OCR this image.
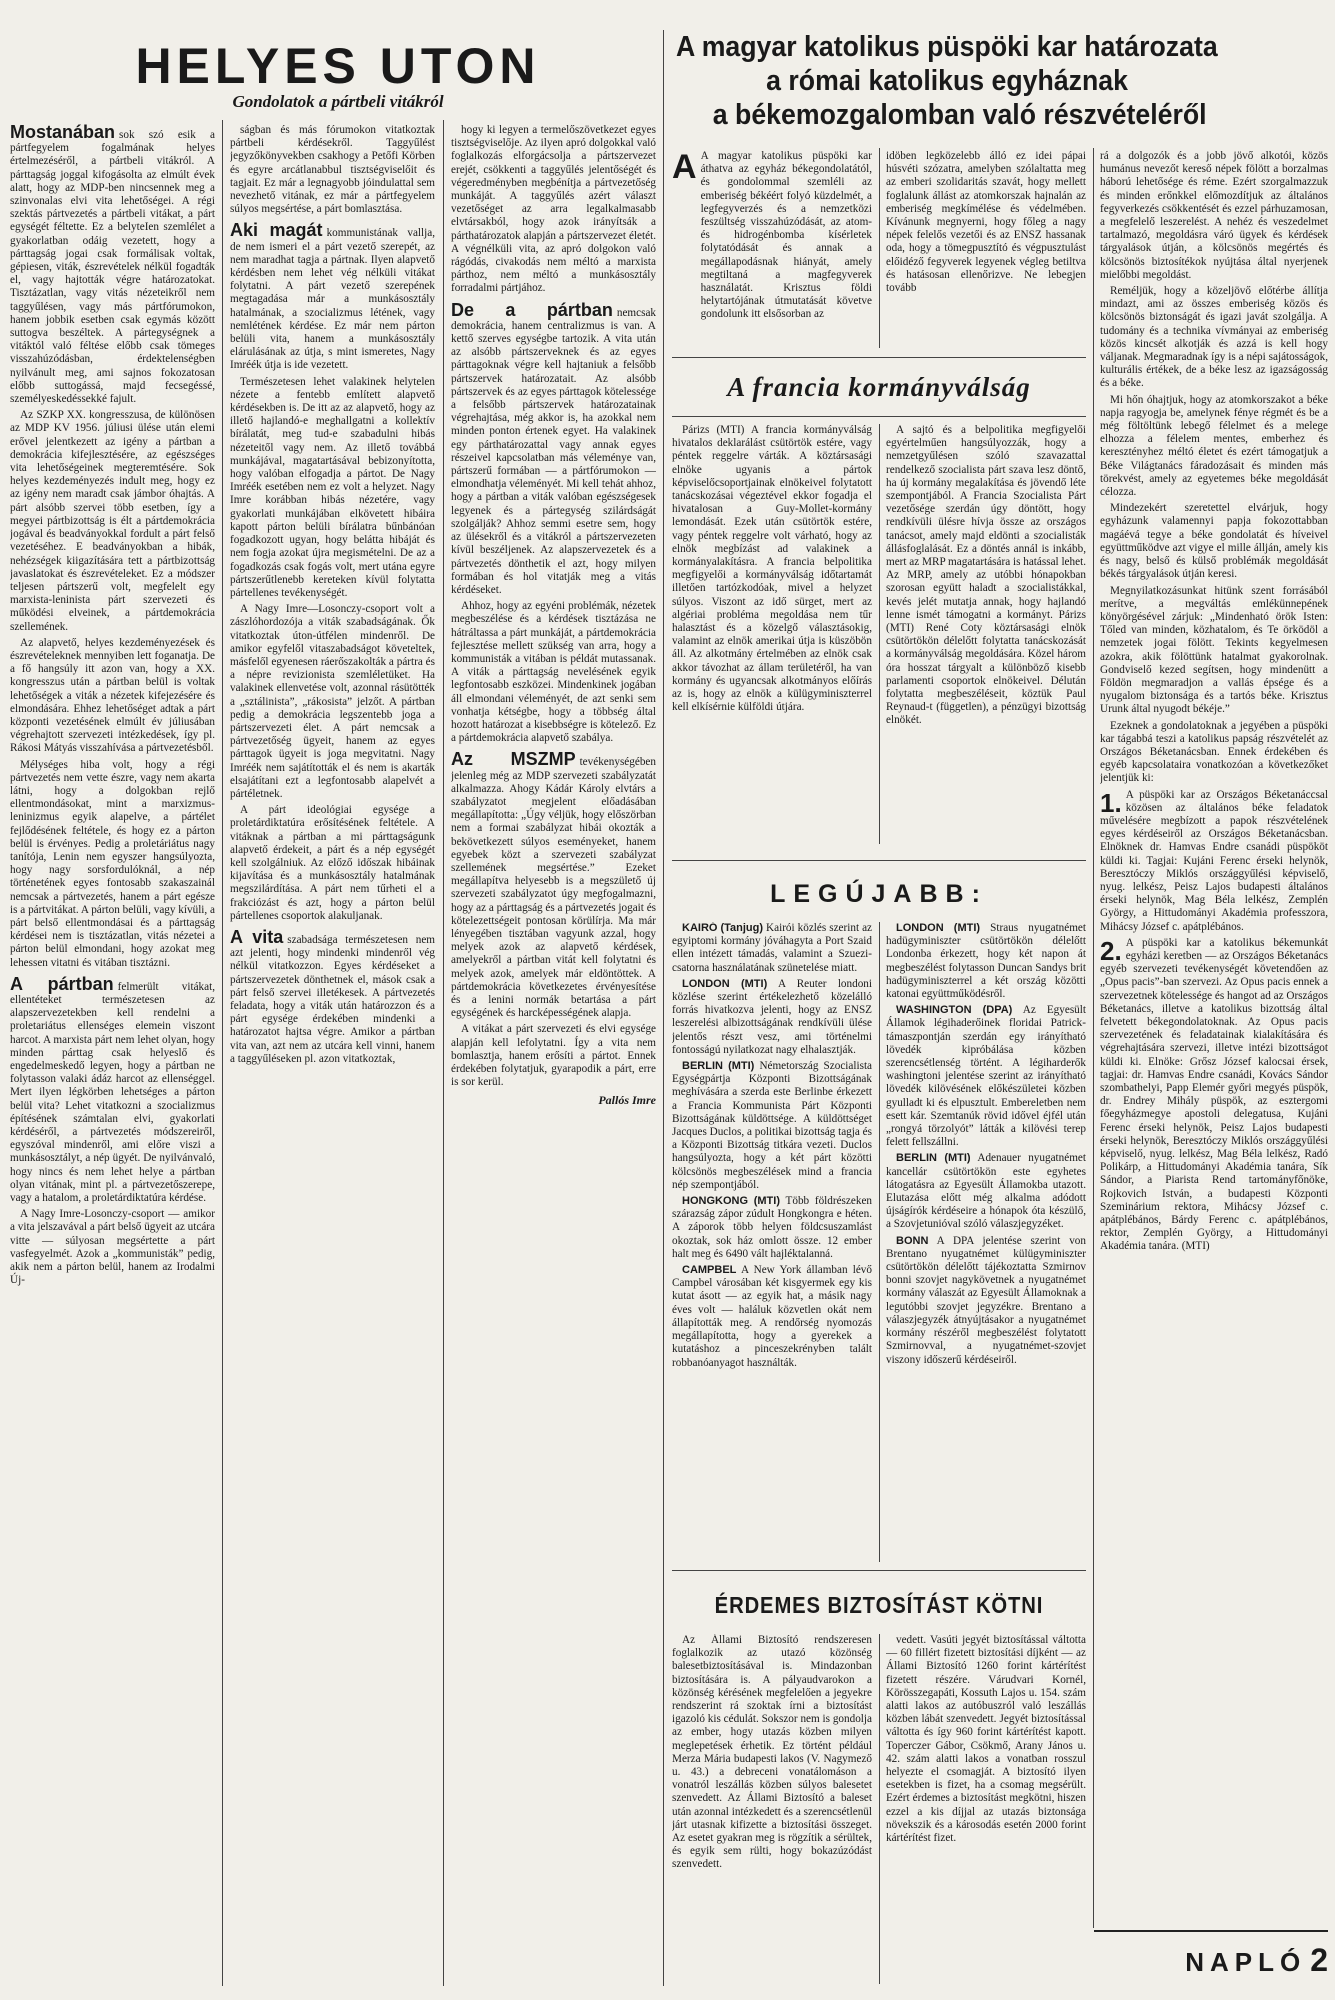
HELYES UTON
Gondolatok a pártbeli vitákról

Mostanában sok szó esik a pártfegyelem fogalmának helyes értelmezéséről, a pártbeli vitákról. A párttagság joggal kifogásolta az elmúlt évek alatt, hogy az MDP-ben nincsennek meg a szinvonalas elvi vita lehetőségei. A régi szektás pártvezetés a pártbeli vitákat, a párt egységét féltette. Ez a belyteIen szemlélet a gyakorlatban odáig vezetett, hogy a párttagság jogai csak formálisak voltak, gépiesen, viták, észrevételek nélkül fogadták el, vagy hajtották végre határozatokat. Tisztázatlan, vagy vitás nézeteikről nem taggyűlésen, vagy más pártfórumokon, hanem jobbik esetben csak egymás között suttogva beszéltek. A pártegységnek a vitáktól való féltése előbb csak tömeges visszahúzódásban, érdektelenségben nyilvánult meg, ami sajnos fokozatosan előbb suttogássá, majd fecsegéssé, személyeskedéssekké fajult.

Az SZKP XX. kongresszusa, de különösen az MDP KV 1956. júliusi ülése után elemi erővel jelentkezett az igény a pártban a demokrácia kifejlesztésére, az egészséges vita lehetőségeinek megteremtésére. Sok helyes kezdeményezés indult meg, hogy ez az igény nem maradt csak jámbor óhajtás. A párt alsóbb szervei több esetben, így a megyei pártbizottság is élt a pártdemokrácia jogával és beadványokkal fordult a párt felső vezetéséhez. E beadványokban a hibák, nehézségek kiigazítására tett a pártbizottság javaslatokat és észrevételeket. Ez a módszer teljesen pártszerű volt, megfelelt egy marxista-leninista párt szervezeti és működési elveinek, a pártdemokrácia szellemének.

Az alapvető, helyes kezdeményezések és észrevételeknek mennyiben lett foganatja. De a fő hangsúly itt azon van, hogy a XX. kongresszus után a pártban belül is voltak lehetőségek a viták a nézetek kifejezésére és elmondására. Ehhez lehetőséget adtak a párt központi vezetésének elmúlt év júliusában végrehajtott szervezeti intézkedések, így pl. Rákosi Mátyás visszahívása a pártvezetésből.

Mélységes hiba volt, hogy a régi pártvezetés nem vette észre, vagy nem akarta látni, hogy a dolgokban rejlő ellentmondásokat, mint a marxizmus-leninizmus egyik alapelve, a pártélet fejlődésének feltétele, és hogy ez a párton belül is érvényes. Pedig a proletáriátus nagy tanítója, Lenin nem egyszer hangsúlyozta, hogy nagy sorsfordulóknál, a nép történetének egyes fontosabb szakaszainál nemcsak a pártvezetés, hanem a párt egésze is a pártvitákat. A párton belüli, vagy kívüli, a párt belső ellentmondásai és a párttagság kérdései nem is tisztázatlan, vitás nézetei a párton belül elmondani, hogy azokat meg lehessen vitatni és vitában tisztázni.

A pártban felmerült vitákat, ellentéteket természetesen az alapszervezetekben kell rendelni a proletariátus ellenséges elemein viszont harcot. A marxista párt nem lehet olyan, hogy minden párttag csak helyeslő és engedelmeskedő legyen, hogy a pártban ne folytasson valaki ádáz harcot az ellenséggel. Mert ilyen légkörben lehetséges a párton belül vita? Lehet vitatkozni a szocializmus építésének számtalan elvi, gyakorlati kérdéséről, a pártvezetés módszereiről, egyszóval mindenről, ami előre viszi a munkásosztályt, a nép ügyét. De nyilvánvaló, hogy nincs és nem lehet helye a pártban olyan vitának, mint pl. a pártvezetőszerepe, vagy a hatalom, a proletárdiktatúra kérdése.

A Nagy Imre-Losonczy-csoport — amikor a vita jelszavával a párt belső ügyeit az utcára vitte — súlyosan megsértette a párt vasfegyelmét. Azok a „kommunisták” pedig, akik nem a párton belül, hanem az Irodalmi Új-

ságban és más fórumokon vitatkoztak pártbeli kérdésekről. Taggyűlést jegyzőkönyvekben csakhogy a Petőfi Körben és egyre arcátlanabbul tisztségviselőit és tagjait. Ez már a legnagyobb jóindulattal sem nevezhető vitának, ez már a pártfegyelem súlyos megsértése, a párt bomlasztása.

Aki magát kommunistának vallja, de nem ismeri el a párt vezető szerepét, az nem maradhat tagja a pártnak. Ilyen alapvető kérdésben nem lehet vég nélküli vitákat folytatni. A párt vezető szerepének megtagadása már a munkásosztály hatalmának, a szocializmus létének, vagy nemlétének kérdése. Ez már nem párton belüli vita, hanem a munkásosztály elárulásának az útja, s mint ismeretes, Nagy Imréék útja is ide vezetett.

Természetesen lehet valakinek helytelen nézete a fentebb említett alapvető kérdésekben is. De itt az az alapvető, hogy az illető hajlandó-e meghallgatni a kollektív bírálatát, meg tud-e szabadulni hibás nézeteitől vagy nem. Az illető továbbá munkájával, magatartásával bebizonyította, hogy valóban elfogadja a pártot. De Nagy Imréék esetében nem ez volt a helyzet. Nagy Imre korábban hibás nézetére, vagy gyakorlati munkájában elkövetett hibáira kapott párton belüli bírálatra bűnbánóan fogadkozott ugyan, hogy belátta hibáját és nem fogja azokat újra megismételni. De az a fogadkozás csak fogás volt, mert utána egyre pártszerűtlenebb kereteken kívül folytatta pártellenes tevékenységét.

A Nagy Imre—Losonczy-csoport volt a zászlóhordozója a viták szabadságának. Ők vitatkoztak úton-útfélen mindenről. De amikor egyfelől vitaszabadságot követeltek, másfelől egyenesen ráerőszakolták a pártra és a népre revizionista szemléletüket. Ha valakinek ellenvetése volt, azonnal rásütötték a „sztálinista”, „rákosista” jelzőt. A pártban pedig a demokrácia legszentebb joga a pártszervezeti élet. A párt nemcsak a pártvezetőség ügyeit, hanem az egyes párttagok ügyeit is joga megvitatni. Nagy Imréék nem sajátították el és nem is akarták elsajátítani ezt a legfontosabb alapelvét a pártéletnek.

A párt ideológiai egysége a proletárdiktatúra erősítésének feltétele. A vitáknak a pártban a mi párttagságunk alapvető érdekeit, a párt és a nép egységét kell szolgálniuk. Az előző időszak hibáinak kijavítása és a munkásosztály hatalmának megszilárdítása. A párt nem tűrheti el a frakciózást és azt, hogy a párton belül pártellenes csoportok alakuljanak.

A vita szabadsága természetesen nem azt jelenti, hogy mindenki mindenről vég nélkül vitatkozzon. Egyes kérdéseket a pártszervezetek dönthetnek el, mások csak a párt felső szervei illetékesek. A pártvezetés feladata, hogy a viták után határozzon és a párt egysége érdekében mindenki a határozatot hajtsa végre. Amikor a pártban vita van, azt nem az utcára kell vinni, hanem a taggyűléseken pl. azon vitatkoztak,

hogy ki legyen a termelőszövetkezet egyes tisztségviselője. Az ilyen apró dolgokkal való foglalkozás elforgácsolja a pártszervezet erejét, csökkenti a taggyűlés jelentőségét és végeredményben megbénítja a pártvezetőség munkáját. A taggyűlés azért választ vezetőséget az arra legalkalmasabb elvtársakból, hogy azok irányítsák a párthatározatok alapján a pártszervezet életét. A végnélküli vita, az apró dolgokon való rágódás, civakodás nem méltó a marxista párthoz, nem méltó a munkásosztály forradalmi pártjához.

De a pártban nemcsak demokrácia, hanem centralizmus is van. A kettő szerves egységbe tartozik. A vita után az alsóbb pártszerveknek és az egyes párttagoknak végre kell hajtaniuk a felsőbb pártszervek határozatait. Az alsóbb pártszervek és az egyes párttagok kötelessége a felsőbb pártszervek határozatainak végrehajtása, még akkor is, ha azokkal nem minden ponton értenek egyet. Ha valakinek egy párthatározattal vagy annak egyes részeivel kapcsolatban más véleménye van, pártszerű formában — a pártfórumokon — elmondhatja véleményét. Mi kell tehát ahhoz, hogy a pártban a viták valóban egészségesek legyenek és a pártegység szilárdságát szolgálják? Ahhoz semmi esetre sem, hogy az ülésekről és a vitákról a pártszervezeten kívül beszéljenek. Az alapszervezetek és a pártvezetés dönthetik el azt, hogy milyen formában és hol vitatják meg a vitás kérdéseket.

Ahhoz, hogy az egyéni problémák, nézetek megbeszélése és a kérdések tisztázása ne hátráltassa a párt munkáját, a pártdemokrácia fejlesztése mellett szükség van arra, hogy a kommunisták a vitában is példát mutassanak. A viták a párttagság nevelésének egyik legfontosabb eszközei. Mindenkinek jogában áll elmondani véleményét, de azt senki sem vonhatja kétségbe, hogy a többség által hozott határozat a kisebbségre is kötelező. Ez a pártdemokrácia alapvető szabálya.

Az MSZMP tevékenységében jelenleg még az MDP szervezeti szabályzatát alkalmazza. Ahogy Kádár Károly elvtárs a szabályzatot megjelent előadásában megállapította: „Úgy véljük, hogy előszörban nem a formai szabályzat hibái okozták a bekövetkezett súlyos eseményeket, hanem egyebek közt a szervezeti szabályzat szellemének megsértése.” Ezeket megállapítva helyesebb is a megszülető új szervezeti szabályzatot úgy megfogalmazni, hogy az a párttagság és a pártvezetés jogait és kötelezettségeit pontosan körülírja. Ma már lényegében tisztában vagyunk azzal, hogy melyek azok az alapvető kérdések, amelyekről a pártban vitát kell folytatni és melyek azok, amelyek már eldöntöttek. A pártdemokrácia következetes érvényesítése és a lenini normák betartása a párt egységének és harcképességének alapja.

A vitákat a párt szervezeti és elvi egysége alapján kell lefolytatni. Így a vita nem bomlasztja, hanem erősíti a pártot. Ennek érdekében folytatjuk, gyarapodik a párt, erre is sor kerül.

Pallós Imre
A magyar katolikus püspöki kar határozata
a római katolikus egyháznak
a békemozgalomban való részvételéről
A A magyar katolikus püspöki kar áthatva az egyház békegondolatától, és gondolommal szemléli az emberiség békéért folyó küzdelmét, a legfegyverzés és a nemzetközi feszültség visszahúzódását, az atom- és hidrogénbomba kísérletek folytatódását és annak a megállapodásnak hiányát, amely megtiltaná a magfegyverek használatát. Krisztus földi helytartójának útmutatását követve gondolunk itt elsősorban az

idöben legközelebb álló ez idei pápai húsvéti szózatra, amelyben szólaltatta meg az emberi szolidaritás szavát, hogy mellett foglalunk állást az atomkorszak hajnalán az emberiség megkímélése és védelmében. Kívánunk megnyerni, hogy főleg a nagy népek felelős vezetői és az ENSZ hassanak oda, hogy a tömegpusztító és végpusztulást előidéző fegyverek legyenek végleg betiltva és hatásosan ellenőrizve. Ne lebegjen tovább

rá a dolgozók és a jobb jövő alkotói, közös humánus nevezőt kereső népek fölött a borzalmas háború lehetősége és réme. Ezért szorgalmazzuk és minden erőnkkel előmozdítjuk az általános fegyverkezés csökkentését és ezzel párhuzamosan, a megfelelő leszerelést. A nehéz és veszedelmet tartalmazó, megoldásra váró ügyek és kérdések tárgyalások útján, a kölcsönös megértés és kölcsönös biztosítékok nyújtása által nyerjenek mielőbbi megoldást.

Reméljük, hogy a közeljövő előtérbe állítja mindazt, ami az összes emberiség közös és kölcsönös biztonságát és igazi javát szolgálja. A tudomány és a technika vívmányai az emberiség közös kincsét alkotják és azzá is kell hogy váljanak. Megmaradnak így is a népi sajátosságok, kulturális értékek, de a béke lesz az igazságosság és a béke.

Mi hőn óhajtjuk, hogy az atomkorszakot a béke napja ragyogja be, amelynek fénye régmét és be a még föltöltünk lebegő félelmet és a melege elhozza a félelem mentes, emberhez és keresztényhez méltó életet és ezért támogatjuk a Béke Világtanács fáradozásait és minden más törekvést, amely az egyetemes béke megoldását célozza.

Mindezekért szeretettel elvárjuk, hogy egyházunk valamennyi papja fokozottabban magáévá tegye a béke gondolatát és híveivel együttműködve azt vigye el mille állján, amely kis és nagy, belső és külső problémák megoldását békés tárgyalások útján keresi.

Megnyilatkozásunkat hitünk szent forrásából merítve, a megváltás emlékünnepének könyörgésével zárjuk: „Mindenható örök Isten: Tőled van minden, közhatalom, és Te örködöl a nemzetek jogai fölött. Tekints kegyelmesen azokra, akik fölöttünk hatalmat gyakorolnak. Gondviselő kezed segítsen, hogy mindenütt a Földön megmaradjon a vallás épsége és a nyugalom biztonsága és a tartós béke. Krisztus Urunk által nyugodt békéje.”

Ezeknek a gondolatoknak a jegyében a püspöki kar tágabbá teszi a katolikus papság részvételét az Országos Béketanácsban. Ennek érdekében és egyéb kapcsolataira vonatkozóan a következőket jelentjük ki:

1. A püspöki kar az Országos Béketanáccsal közösen az általános béke feladatok művelésére megbízott a papok részvételének egyes kérdéseiről az Országos Béketanácsban. Elnöknek dr. Hamvas Endre csanádi püspököt küldi ki. Tagjai: Kujáni Ferenc érseki helynök, Beresztóczy Miklós országgyűlési képviselő, nyug. lelkész, Peisz Lajos budapesti általános érseki helynök, Mag Béla lelkész, Zemplén György, a Hittudományi Akadémia professzora, Mihácsy József c. apátplébános.

2. A püspöki kar a katolikus békemunkát egyházi keretben — az Országos Béketanács egyéb szervezeti tevékenységét követendően az „Opus pacis”-ban szervezi. Az Opus pacis ennek a szervezetnek kötelessége és hangot ad az Országos Béketanács, illetve a katolikus bizottság által felvetett békegondolatoknak. Az Opus pacis szervezetének és feladatainak kialakítására és végrehajtására szervezi, illetve intézi bizottságot küldi ki. Elnöke: Grősz József kalocsai érsek, tagjai: dr. Hamvas Endre csanádi, Kovács Sándor szombathelyi, Papp Elemér győri megyés püspök, dr. Endrey Mihály püspök, az esztergomi főegyházmegye apostoli delegatusa, Kujáni Ferenc érseki helynök, Peisz Lajos budapesti érseki helynök, Beresztóczy Miklós országgyűlési képviselő, nyug. lelkész, Mag Béla lelkész, Radó Polikárp, a Hittudományi Akadémia tanára, Sík Sándor, a Piarista Rend tartományfőnöke, Rojkovich István, a budapesti Központi Szeminárium rektora, Mihácsy József c. apátplébános, Bárdy Ferenc c. apátplébános, rektor, Zemplén György, a Hittudományi Akadémia tanára. (MTI)

A francia kormányválság

Párizs (MTI) A francia kormányválság hivatalos deklarálást csütörtök estére, vagy péntek reggelre várták. A köztársasági elnöke ugyanis a pártok képviselőcsoportjainak elnökeivel folytatott tanácskozásai végeztével ekkor fogadja el hivatalosan a Guy-Mollet-kormány lemondását. Ezek után csütörtök estére, vagy péntek reggelre volt várható, hogy az elnök megbízást ad valakinek a kormányalakításra. A francia belpolitika megfigyelői a kormányválság időtartamát illetően tartózkodóak, mivel a helyzet súlyos. Viszont az idő sürget, mert az algériai probléma megoldása nem tűr halasztást és a közelgő választásokig, valamint az elnök amerikai útja is küszöbön áll. Az alkotmány értelmében az elnök csak akkor távozhat az állam területéről, ha van kormány és ugyancsak alkotmányos előírás az is, hogy az elnök a külügyminiszterrel kell elkísérnie külföldi útjára.

A sajtó és a belpolitika megfigyelői egyértelműen hangsúlyozzák, hogy a nemzetgyűlésen szóló szavazattal rendelkező szocialista párt szava lesz döntő, ha új kormány megalakítása és jövendő léte szempontjából. A Francia Szocialista Párt vezetősége szerdán úgy döntött, hogy rendkívüli ülésre hívja össze az országos tanácsot, amely majd eldönti a szocialisták állásfoglalását. Ez a döntés annál is inkább, mert az MRP magatartására is hatással lehet. Az MRP, amely az utóbbi hónapokban szorosan együtt haladt a szocialistákkal, kevés jelét mutatja annak, hogy hajlandó lenne ismét támogatni a kormányt. Párizs (MTI) René Coty köztársasági elnök csütörtökön délelőtt folytatta tanácskozását a kormányválság megoldására. Közel három óra hosszat tárgyalt a különböző kisebb parlamenti csoportok elnökeivel. Délután folytatta megbeszéléseit, köztük Paul Reynaud-t (független), a pénzügyi bizottság elnökét.

LEGÚJABB:

KAIRÓ (Tanjug) Kairói közlés szerint az egyiptomi kormány jóváhagyta a Port Szaid ellen intézett támadás, valamint a Szuezi-csatorna használatának szünetelése miatt.

LONDON (MTI) A Reuter londoni közlése szerint értékelezhető közelálló forrás hivatkozva jelenti, hogy az ENSZ leszerelési albizottságának rendkívüli ülése jelentős részt vesz, ami történelmi fontosságú nyilatkozat nagy elhalasztják.

BERLIN (MTI) Németország Szocialista Egységpártja Központi Bizottságának meghívására a szerda este Berlinbe érkezett a Francia Kommunista Párt Központi Bizottságának küldöttsége. A küldöttséget Jacques Duclos, a politikai bizottság tagja és a Központi Bizottság titkára vezeti. Duclos hangsúlyozta, hogy a két párt közötti kölcsönös megbeszélések mind a francia nép szempontjából.

HONGKONG (MTI) Több földrészeken szárazság zápor zúdult Hongkongra e héten. A záporok több helyen földcsuszamlást okoztak, sok ház omlott össze. 12 ember halt meg és 6490 vált hajléktalanná.

CAMPBEL A New York államban lévő Campbel városában két kisgyermek egy kis kutat ásott — az egyik hat, a másik nagy éves volt — haláluk közvetlen okát nem állapították meg. A rendőrség nyomozás megállapította, hogy a gyerekek a kutatáshoz a pinceszekrényben talált robbanóanyagot használták.

LONDON (MTI) Straus nyugatnémet hadügyminiszter csütörtökön délelőtt Londonba érkezett, hogy két napon át megbeszélést folytasson Duncan Sandys brit hadügyminiszterrel a két ország közötti katonai együttműködésről.

WASHINGTON (DPA) Az Egyesült Államok légihaderőinek floridai Patrick-támaszpontján szerdán egy irányítható lövedék kipróbálása közben szerencsétlenség történt. A légiharderők washingtoni jelentése szerint az irányítható lövedék kilövésének előkészületei közben gyulladt ki és elpusztult. Embereletben nem esett kár. Szemtanúk rövid idővel éjfél után „rongyá törzolyót” látták a kilövési terep felett fellszállni.

BERLIN (MTI) Adenauer nyugatnémet kancellár csütörtökön este egyhetes látogatásra az Egyesült Államokba utazott. Elutazása előtt még alkalma adódott újságírók kérdéseire a hónapok óta készülő, a Szovjetunióval szóló válaszjegyzéket.

BONN A DPA jelentése szerint von Brentano nyugatnémet külügyminiszter csütörtökön délelőtt tájékoztatta Szmirnov bonni szovjet nagykövetnek a nyugatnémet kormány válaszát az Egyesült Államoknak a legutóbbi szovjet jegyzékre. Brentano a válaszjegyzék átnyújtásakor a nyugatnémet kormány részéről megbeszélést folytatott Szmirnovval, a nyugatnémet-szovjet viszony időszerű kérdéseiről.

ÉRDEMES BIZTOSÍTÁST KÖTNI

Az Állami Biztosító rendszeresen foglalkozik az utazó közönség balesetbiztosításával is. Mindazonban biztosítására is. A pályaudvarokon a közönség kérésének megfelelően a jegyekre rendszerint rá szoktak írni a biztosítást igazoló kis cédulát. Sokszor nem is gondolja az ember, hogy utazás közben milyen meglepetések érhetik. Ez történt például Merza Mária budapesti lakos (V. Nagymező u. 43.) a debreceni vonatálomáson a vonatról leszállás közben súlyos balesetet szenvedett. Az Állami Biztosító a baleset után azonnal intézkedett és a szerencsétlenül járt utasnak kifizette a biztosítási összeget. Az esetet gyakran meg is rögzítik a sérültek, és egyik sem rülti, hogy bokazúzódást szenvedett.

vedett. Vasúti jegyét biztosítással váltotta — 60 fillért fizetett biztosítási díjként — az Állami Biztosító 1260 forint kártérítést fizetett részére. Várudvari Kornél, Körösszegapáti, Kossuth Lajos u. 154. szám alatti lakos az autóbuszról való leszállás közben lábát szenvedett. Jegyét biztosítással váltotta és így 960 forint kártérítést kapott. Toperczer Gábor, Csökmő, Arany János u. 42. szám alatti lakos a vonatban rosszul helyezte el csomagját. A biztosító ilyen esetekben is fizet, ha a csomag megsérült. Ezért érdemes a biztosítást megkötni, hiszen ezzel a kis díjjal az utazás biztonsága növekszik és a károsodás esetén 2000 forint kártérítést fizet.

NAPLÓ 2
